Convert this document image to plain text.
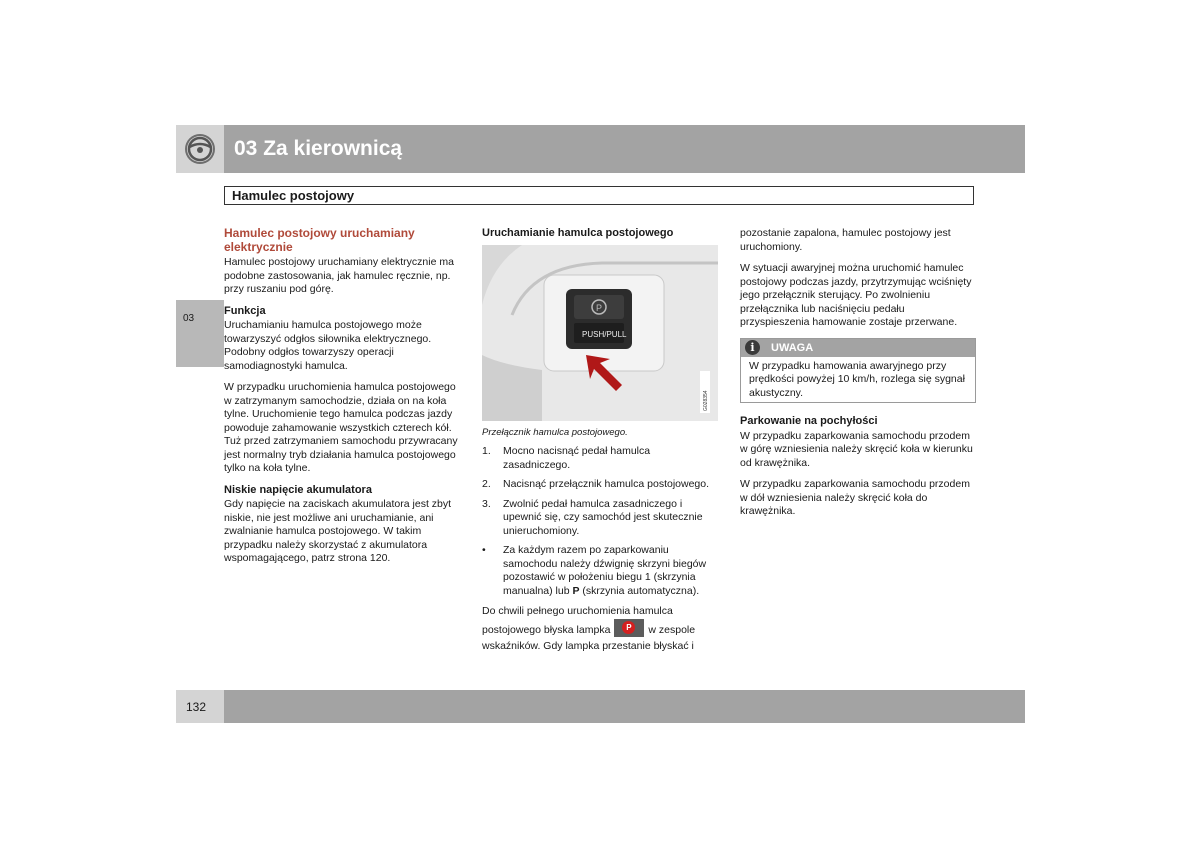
03 Za kierownicą
Hamulec postojowy
03
Hamulec postojowy uruchamiany elektrycznie

Hamulec postojowy uruchamiany elektrycznie ma podobne zastosowania, jak hamulec ręcznie, np. przy ruszaniu pod górę.

Funkcja

Uruchamianiu hamulca postojowego może towarzyszyć odgłos siłownika elektrycznego. Podobny odgłos towarzyszy operacji samodiagnostyki hamulca.

W przypadku uruchomienia hamulca postojowego w zatrzymanym samochodzie, działa on na koła tylne. Uruchomienie tego hamulca podczas jazdy powoduje zahamowanie wszystkich czterech kół. Tuż przed zatrzymaniem samochodu przywracany jest normalny tryb działania hamulca postojowego tylko na koła tylne.

Niskie napięcie akumulatora

Gdy napięcie na zaciskach akumulatora jest zbyt niskie, nie jest możliwe ani uruchamianie, ani zwalnianie hamulca postojowego. W takim przypadku należy skorzystać z akumulatora wspomagającego, patrz strona 120.

Uruchamianie hamulca postojowego
P
PUSH/PULL
G028354
Przełącznik hamulca postojowego.
1. Mocno nacisnąć pedał hamulca zasadniczego.
2. Nacisnąć przełącznik hamulca postojowego.
3. Zwolnić pedał hamulca zasadniczego i upewnić się, czy samochód jest skutecznie unieruchomiony.
• Za każdym razem po zaparkowaniu samochodu należy dźwignię skrzyni biegów pozostawić w położeniu biegu 1 (skrzynia manualna) lub P (skrzynia automatyczna).

Do chwili pełnego uruchomienia hamulca postojowego błyska lampka	P	w zespole wskaźników. Gdy lampka przestanie błyskać i

pozostanie zapalona, hamulec postojowy jest uruchomiony.

W sytuacji awaryjnej można uruchomić hamulec postojowy podczas jazdy, przytrzymując wciśnięty jego przełącznik sterujący. Po zwolnieniu przełącznika lub naciśnięciu pedału przyspieszenia hamowanie zostaje przerwane.

i	UWAGA
W przypadku hamowania awaryjnego przy prędkości powyżej 10 km/h, rozlega się sygnał akustyczny.
Parkowanie na pochyłości

W przypadku zaparkowania samochodu przodem w górę wzniesienia należy skręcić koła w kierunku od krawężnika.

W przypadku zaparkowania samochodu przodem w dół wzniesienia należy skręcić koła do krawężnika.

132
